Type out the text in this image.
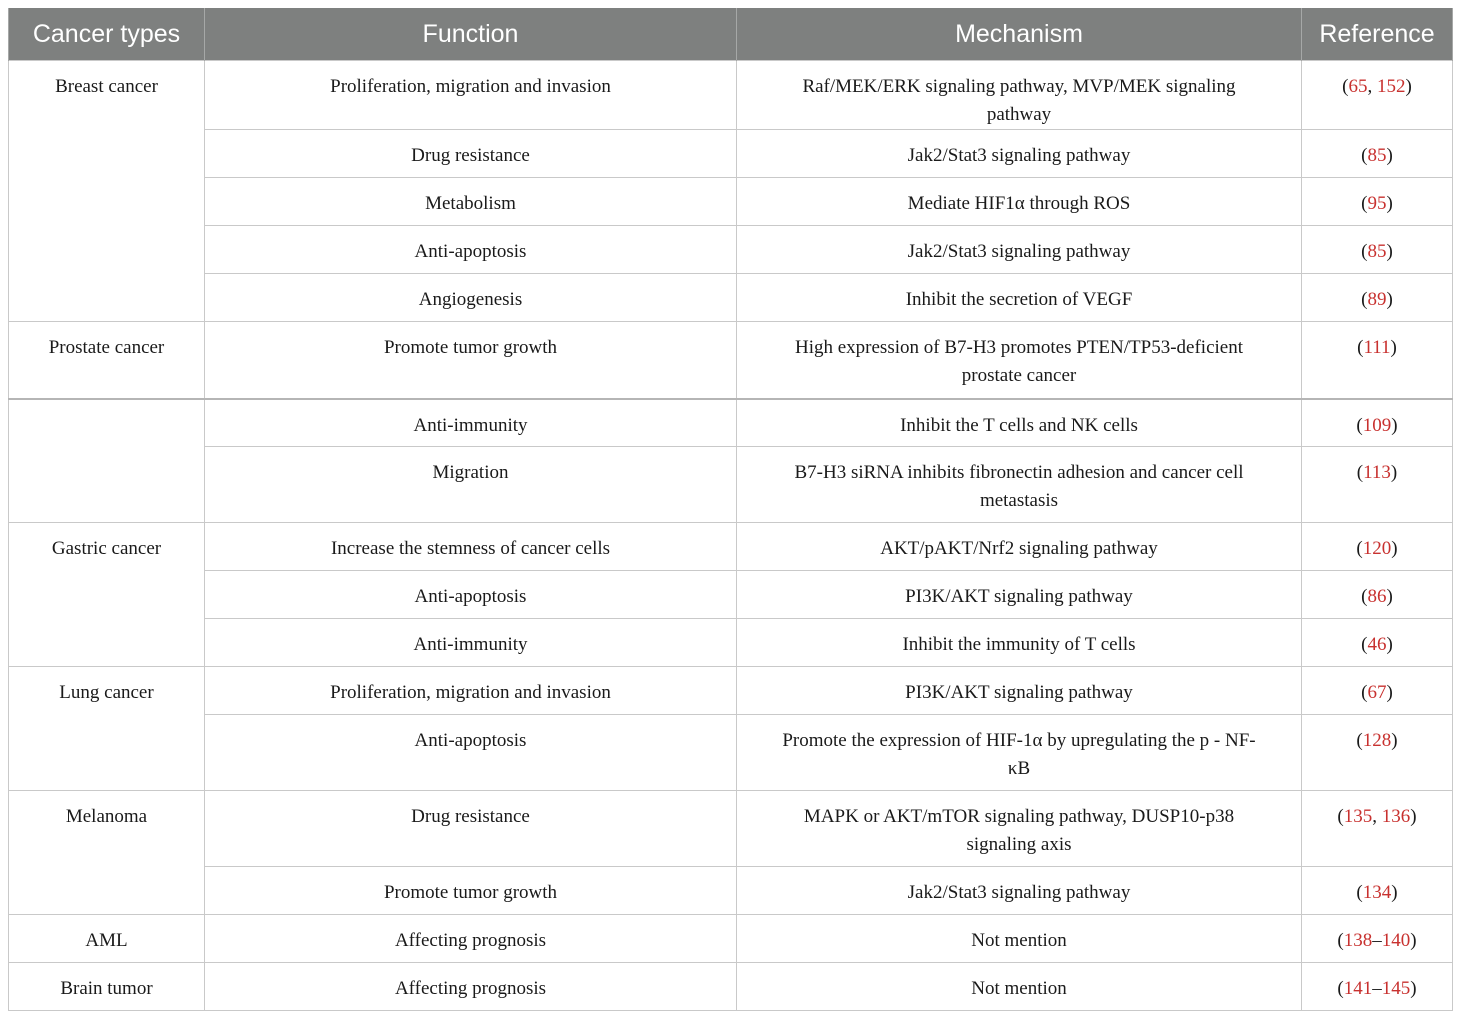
Cancer types	Function	Mechanism	Reference
Breast cancer	Proliferation, migration and invasion	Raf/MEK/ERK signaling pathway, MVP/MEK signaling pathway	(65, 152)
	Drug resistance	Jak2/Stat3 signaling pathway	(85)
	Metabolism	Mediate HIF1α through ROS	(95)
	Anti-apoptosis	Jak2/Stat3 signaling pathway	(85)
	Angiogenesis	Inhibit the secretion of VEGF	(89)
Prostate cancer	Promote tumor growth	High expression of B7-H3 promotes PTEN/TP53-deficient prostate cancer	(111)
	Anti-immunity	Inhibit the T cells and NK cells	(109)
	Migration	B7-H3 siRNA inhibits fibronectin adhesion and cancer cell metastasis	(113)
Gastric cancer	Increase the stemness of cancer cells	AKT/pAKT/Nrf2 signaling pathway	(120)
	Anti-apoptosis	PI3K/AKT signaling pathway	(86)
	Anti-immunity	Inhibit the immunity of T cells	(46)
Lung cancer	Proliferation, migration and invasion	PI3K/AKT signaling pathway	(67)
	Anti-apoptosis	Promote the expression of HIF-1α by upregulating the p - NF-κB	(128)
Melanoma	Drug resistance	MAPK or AKT/mTOR signaling pathway, DUSP10-p38 signaling axis	(135, 136)
	Promote tumor growth	Jak2/Stat3 signaling pathway	(134)
AML	Affecting prognosis	Not mention	(138–140)
Brain tumor	Affecting prognosis	Not mention	(141–145)
